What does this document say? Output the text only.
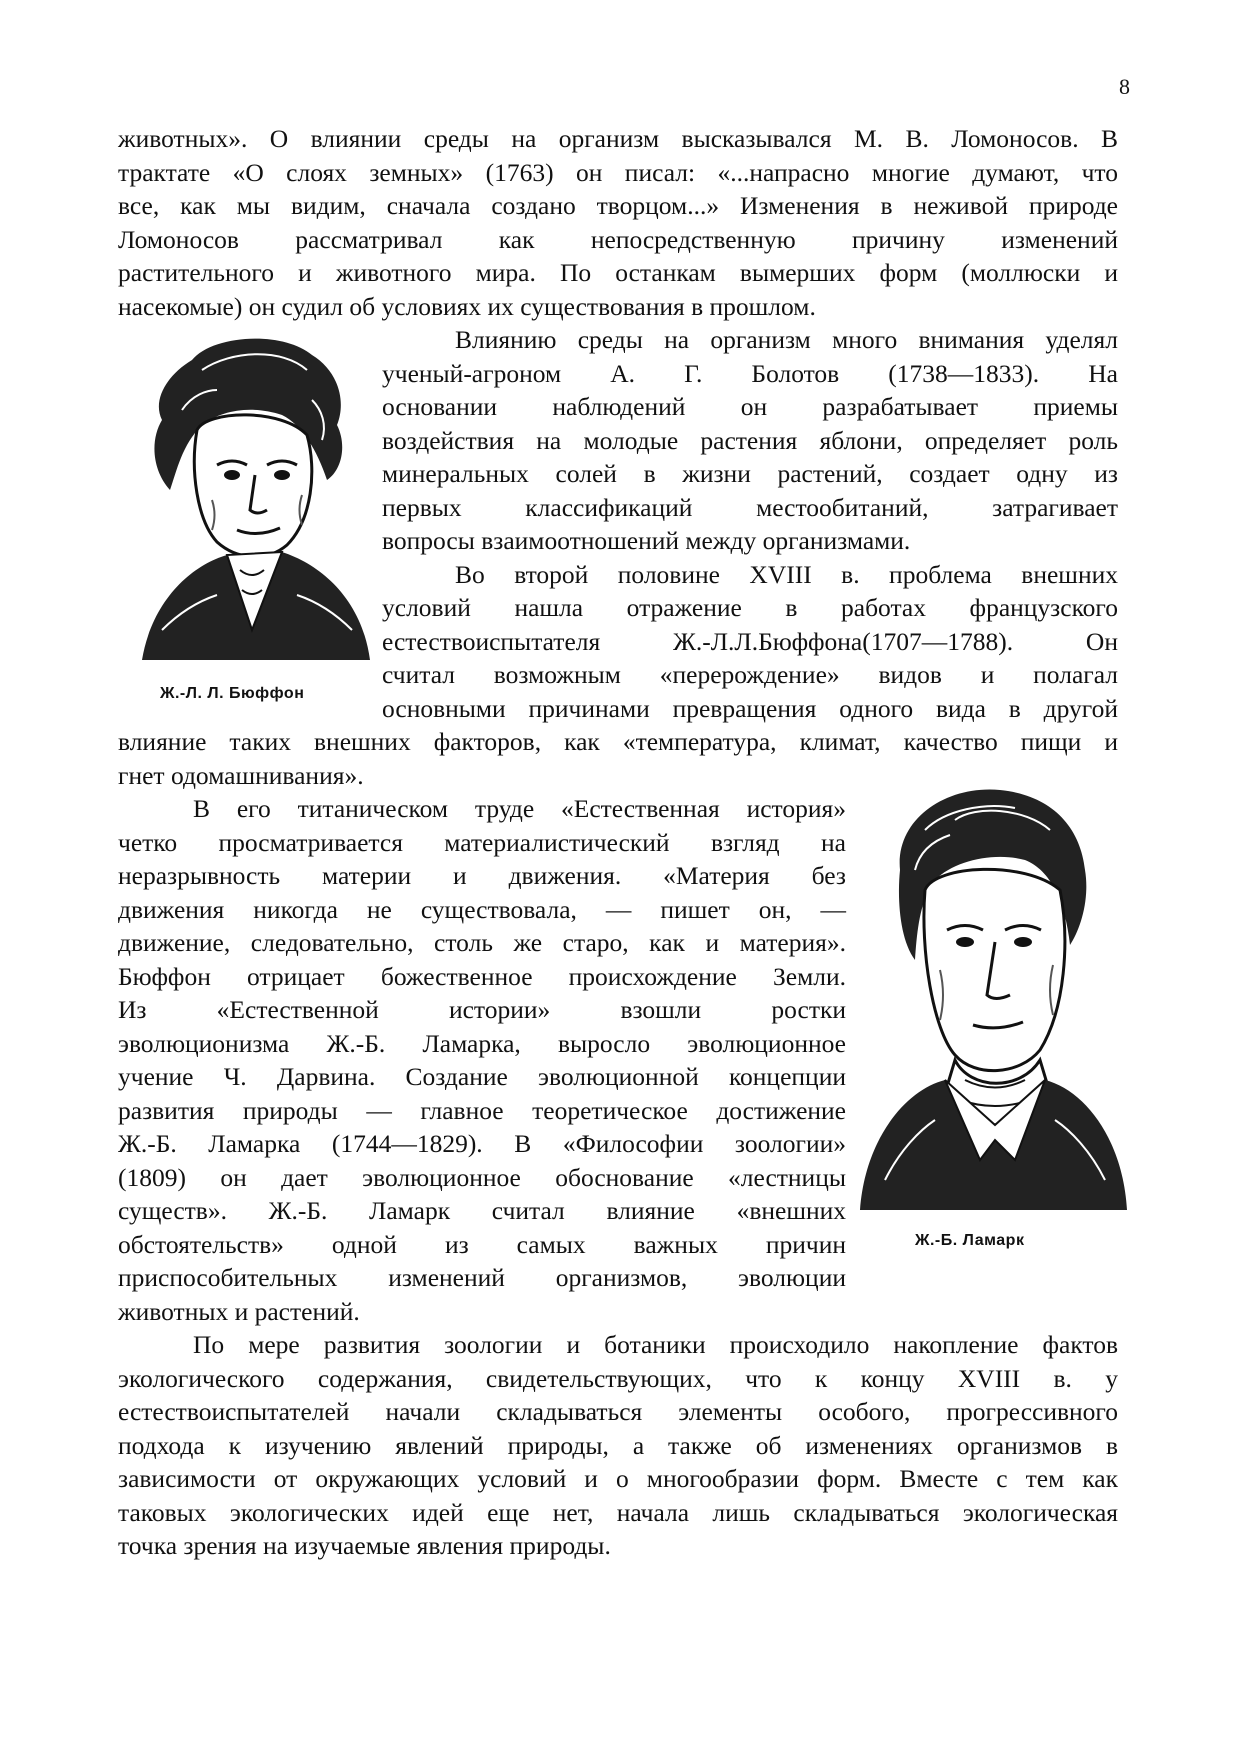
8
животных». О влиянии среды на организм высказывался М. В. Ломоносов. В
трактате «О слоях земных» (1763) он писал: «...напрасно многие думают, что
все, как мы видим, сначала создано творцом...» Изменения в неживой природе
Ломоносов рассматривал как непосредственную причину изменений
растительного и животного мира. По останкам вымерших форм (моллюски и
насекомые) он судил об условиях их существования в прошлом.
Ж.-Л. Л. Бюффон
Влиянию среды на организм много внимания уделял
ученый-агроном А. Г. Болотов (1738—1833). На
основании наблюдений он разрабатывает приемы
воздействия на молодые растения яблони, определяет роль
минеральных солей в жизни растений, создает одну из
первых классификаций местообитаний, затрагивает
вопросы взаимоотношений между организмами.
Во второй половине XVIII в. проблема внешних
условий нашла отражение в работах французского
естествоиспытателя Ж.-Л.Л.Бюффона(1707—1788). Он
считал возможным «перерождение» видов и полагал
основными причинами превращения одного вида в другой
влияние таких внешних факторов, как «температура, климат, качество пищи и
гнет одомашнивания».
В его титаническом труде «Естественная история»
четко просматривается материалистический взгляд на
неразрывность материи и движения. «Материя без
движения никогда не существовала, — пишет он, —
движение, следовательно, столь же старо, как и материя».
Бюффон отрицает божественное происхождение Земли.
Из «Естественной истории» взошли ростки
эволюционизма Ж.-Б. Ламарка, выросло эволюционное
учение Ч. Дарвина. Создание эволюционной концепции
развития природы — главное теоретическое достижение
Ж.-Б. Ламарка (1744—1829). В «Философии зоологии»
(1809) он дает эволюционное обоснование «лестницы
существ». Ж.-Б. Ламарк считал влияние «внешних
обстоятельств» одной из самых важных причин
приспособительных изменений организмов, эволюции
животных и растений.
Ж.-Б. Ламарк
По мере развития зоологии и ботаники происходило накопление фактов
экологического содержания, свидетельствующих, что к концу XVIII в. у
естествоиспытателей начали складываться элементы особого, прогрессивного
подхода к изучению явлений природы, а также об изменениях организмов в
зависимости от окружающих условий и о многообразии форм. Вместе с тем как
таковых экологических идей еще нет, начала лишь складываться экологическая
точка зрения на изучаемые явления природы.
